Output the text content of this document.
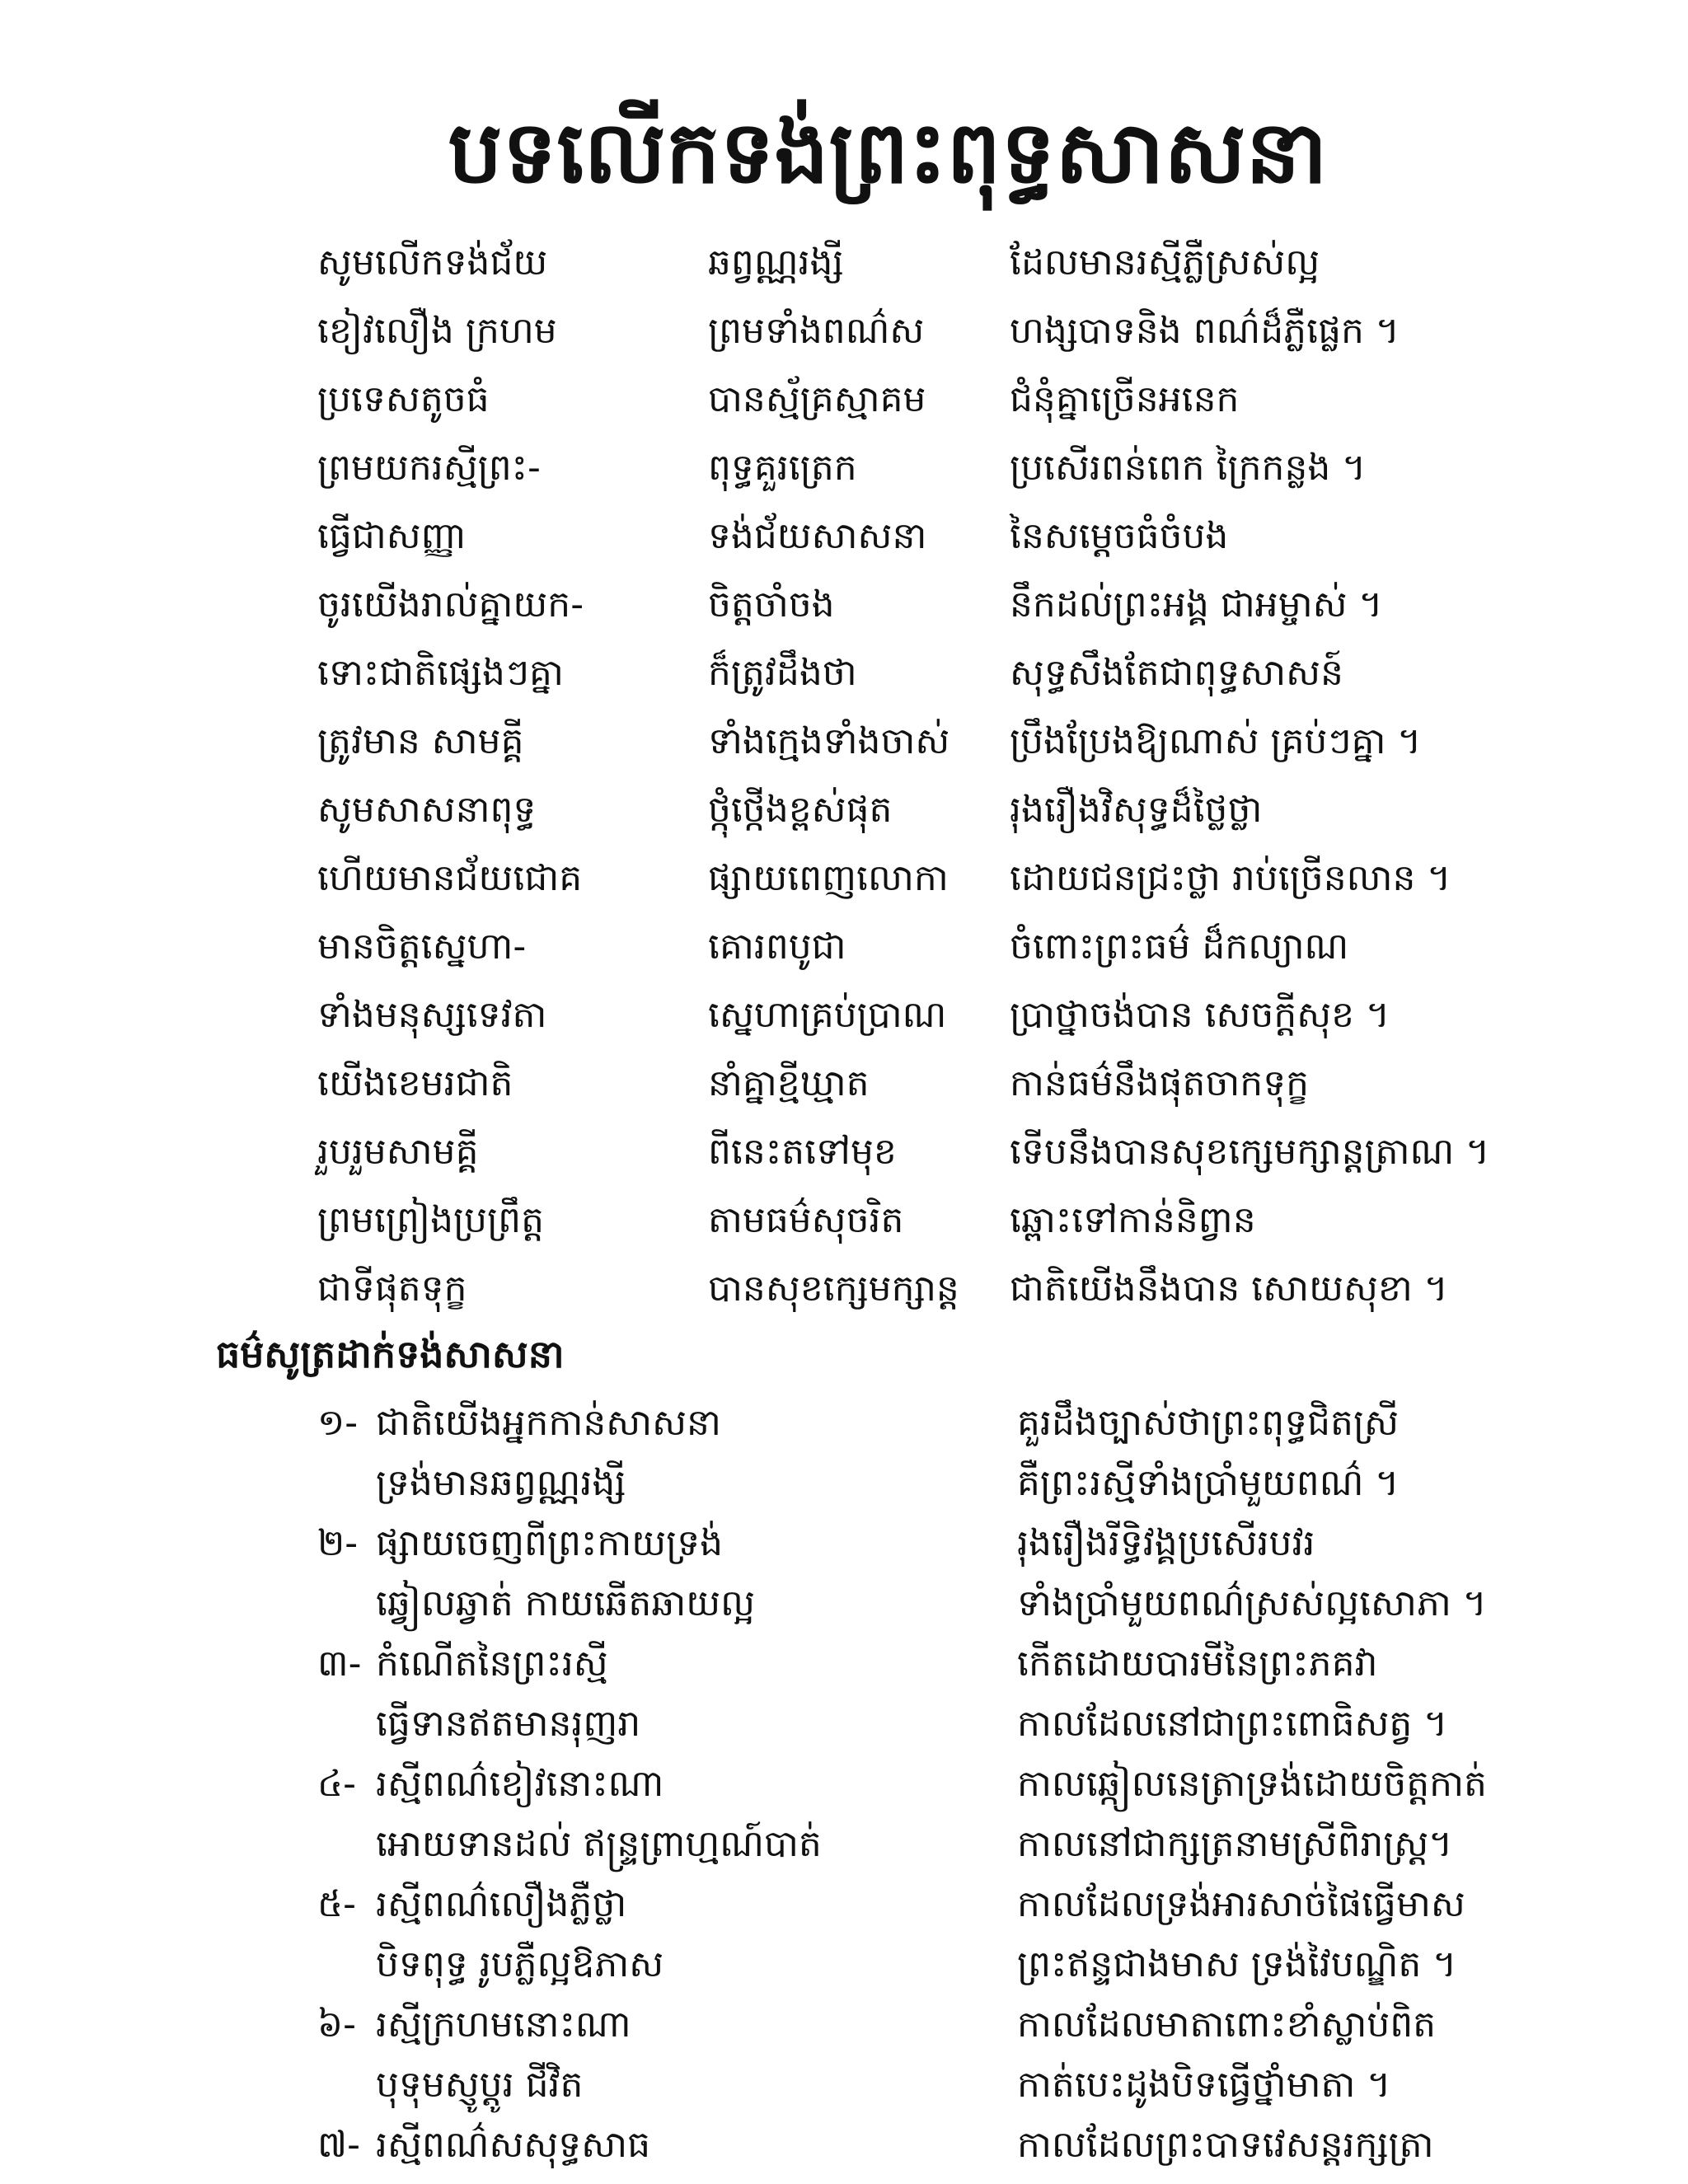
បទលើកទង់ព្រះពុទ្ធសាសនា
សូមលើកទង់ជ័យ	ឆព្វណ្ណរង្សី	ដែលមានរស្មីភ្លឺស្រស់ល្អ
ខៀវលឿង ក្រហម	ព្រមទាំងពណ៌ស	ហង្សបាទនិង ពណ៌ដ៏ភ្លឺផ្លេក ។
ប្រទេសតូចធំ	បានស្ម័គ្រស្មាគម	ជំនុំគ្នាច្រើនអនេក
ព្រមយករស្មីព្រះ-	ពុទ្ធគួរត្រេក	ប្រសើរពន់ពេក ក្រៃកន្លង ។
ធ្វើជាសញ្ញា	ទង់ជ័យសាសនា	នៃសម្តេចធំចំបង
ចូរយើងរាល់គ្នាយក-	ចិត្តចាំចង	នឹកដល់ព្រះអង្គ ជាអម្ចាស់ ។
ទោះជាតិផ្សេងៗគ្នា	ក៏ត្រូវដឹងថា	សុទ្ធសឹងតែជាពុទ្ធសាសន៍
ត្រូវមាន សាមគ្គី	ទាំងក្មេងទាំងចាស់	ប្រឹងប្រែងឱ្យណាស់ គ្រប់ៗគ្នា ។
សូមសាសនាពុទ្ធ	ថ្កុំថ្កើងខ្ពស់ផុត	រុងរឿងវិសុទ្ធដ៏ថ្លៃថ្លា
ហើយមានជ័យជោគ	ផ្សាយពេញលោកា	ដោយជនជ្រះថ្លា រាប់ច្រើនលាន ។
មានចិត្តស្នេហា-	គោរពបូជា	ចំពោះព្រះធម៌ ដ៏កល្យាណ
ទាំងមនុស្សទេវតា	ស្នេហាគ្រប់ប្រាណ	ប្រាថ្នាចង់បាន សេចក្តីសុខ ។
យើងខេមរជាតិ	នាំគ្នាខ្មីឃ្មាត	កាន់ធម៌នឹងផុតចាកទុក្ខ
រួបរួមសាមគ្គី	ពីនេះតទៅមុខ	ទើបនឹងបានសុខក្សេមក្សាន្តត្រាណ ។
ព្រមព្រៀងប្រព្រឹត្ត	តាមធម៌សុចរិត	ឆ្ពោះទៅកាន់និព្វាន
ជាទីផុតទុក្ខ	បានសុខក្សេមក្សាន្ត	ជាតិយើងនឹងបាន សោយសុខា ។
ធម៌សូត្រដាក់ទង់សាសនា
១- ជាតិយើងអ្នកកាន់សាសនា	គួរដឹងច្បាស់ថាព្រះពុទ្ធជិតស្រី
ទ្រង់មានឆព្វណ្ណរង្សី	គឺព្រះរស្មីទាំងប្រាំមួយពណ៌ ។
២- ផ្សាយចេញពីព្រះកាយទ្រង់	រុងរឿងរីទ្ធិវង្គប្រសើរបវរ
ឆ្វៀលឆ្វាត់ កាយឆើតឆាយល្អ	ទាំងប្រាំមួយពណ៌ស្រស់ល្អសោភា ។
៣- កំណើតនៃព្រះរស្មី	កើតដោយបារមីនៃព្រះភគវា
ធ្វើទានឥតមានរុញរា	កាលដែលនៅជាព្រះពោធិសត្វ ។
៤- រស្មីពណ៌ខៀវនោះណា	កាលឆ្កៀលនេត្រាទ្រង់ដោយចិត្តកាត់
អោយទានដល់ ឥន្ទ្រព្រាហ្មណ៍បាត់	កាលនៅជាក្សត្រនាមស្រីពិរាស្ត្រ។
៥- រស្មីពណ៌លឿងភ្លឺថ្លា	កាលដែលទ្រង់អារសាច់ផៃធ្វើមាស
បិទពុទ្ធ រូបភ្លឺល្អឱភាស	ព្រះឥន្ទជាងមាស ទ្រង់វៃបណ្ឌិត ។
៦- រស្មីក្រហមនោះណា	កាលដែលមាតាពោះខាំស្លាប់ពិត
បុទុមស្ញូប្តូរ ជីវិត	កាត់បេះដូងបិទធ្វើថ្នាំមាតា ។
៧- រស្មីពណ៌សសុទ្ធសាធ	កាលដែលព្រះបាទវេសន្តរក្សត្រា
